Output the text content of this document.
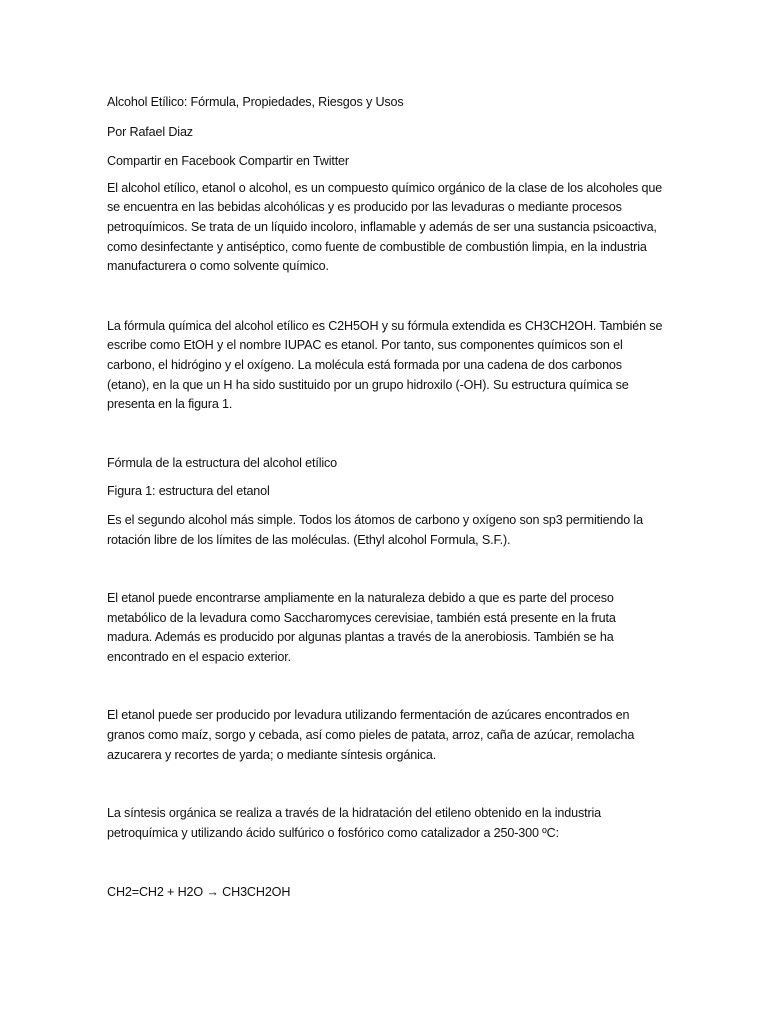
Alcohol Etílico: Fórmula, Propiedades, Riesgos y Usos

Por Rafael Diaz

Compartir en Facebook Compartir en Twitter

El alcohol etílico, etanol o alcohol, es un compuesto químico orgánico de la clase de los alcoholes que se encuentra en las bebidas alcohólicas y es producido por las levaduras o mediante procesos petroquímicos. Se trata de un líquido incoloro, inflamable y además de ser una sustancia psicoactiva, como desinfectante y antiséptico, como fuente de combustible de combustión limpia, en la industria manufacturera o como solvente químico.

La fórmula química del alcohol etílico es C2H5OH y su fórmula extendida es CH3CH2OH. También se escribe como EtOH y el nombre IUPAC es etanol. Por tanto, sus componentes químicos son el carbono, el hidrógino y el oxígeno. La molécula está formada por una cadena de dos carbonos (etano), en la que un H ha sido sustituido por un grupo hidroxilo (-OH). Su estructura química se presenta en la figura 1.

Fórmula de la estructura del alcohol etílico

Figura 1: estructura del etanol

Es el segundo alcohol más simple. Todos los átomos de carbono y oxígeno son sp3 permitiendo la rotación libre de los límites de las moléculas. (Ethyl alcohol Formula, S.F.).

El etanol puede encontrarse ampliamente en la naturaleza debido a que es parte del proceso metabólico de la levadura como Saccharomyces cerevisiae, también está presente en la fruta madura. Además es producido por algunas plantas a través de la anerobiosis. También se ha encontrado en el espacio exterior.

El etanol puede ser producido por levadura utilizando fermentación de azúcares encontrados en granos como maíz, sorgo y cebada, así como pieles de patata, arroz, caña de azúcar, remolacha azucarera y recortes de yarda; o mediante síntesis orgánica.

La síntesis orgánica se realiza a través de la hidratación del etileno obtenido en la industria petroquímica y utilizando ácido sulfúrico o fosfórico como catalizador a 250-300 ºC:

CH2=CH2 + H2O → CH3CH2OH
